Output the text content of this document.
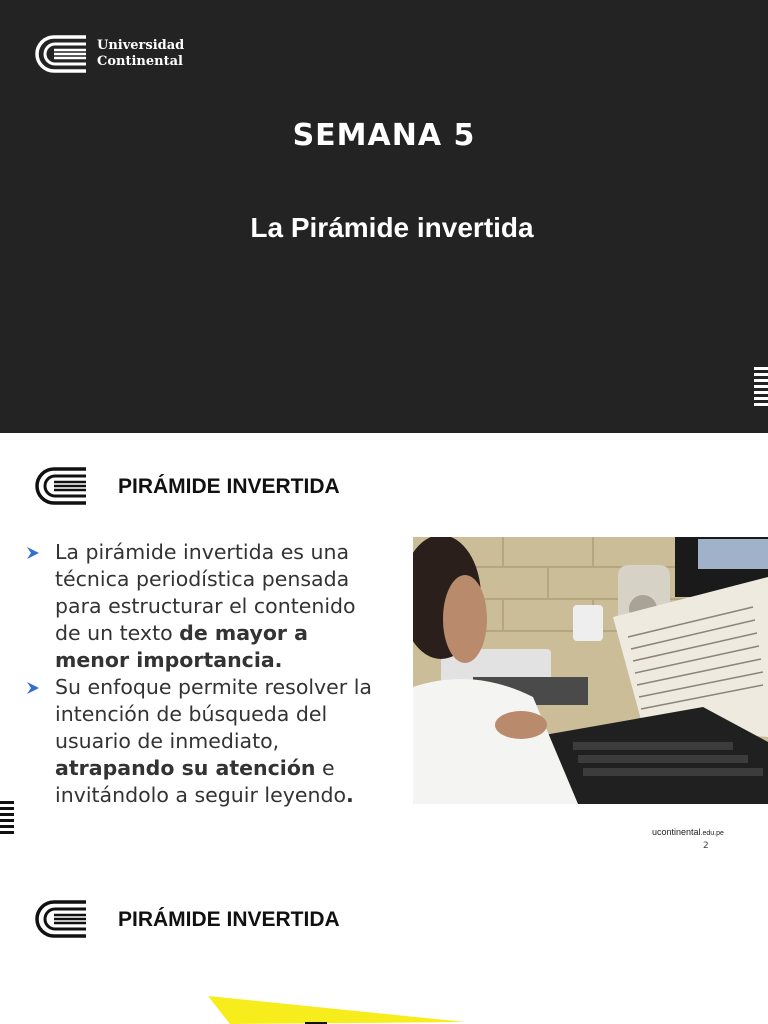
Universidad
Continental
SEMANA 5
La Pirámide invertida
PIRÁMIDE INVERTIDA
La pirámide invertida es una técnica periodística pensada para estructurar el contenido de un texto de mayor a menor importancia.
Su enfoque permite resolver la intención de búsqueda del usuario de inmediato, atrapando su atención e invitándolo a seguir leyendo.
ucontinental.edu.pe
2
PIRÁMIDE INVERTIDA
